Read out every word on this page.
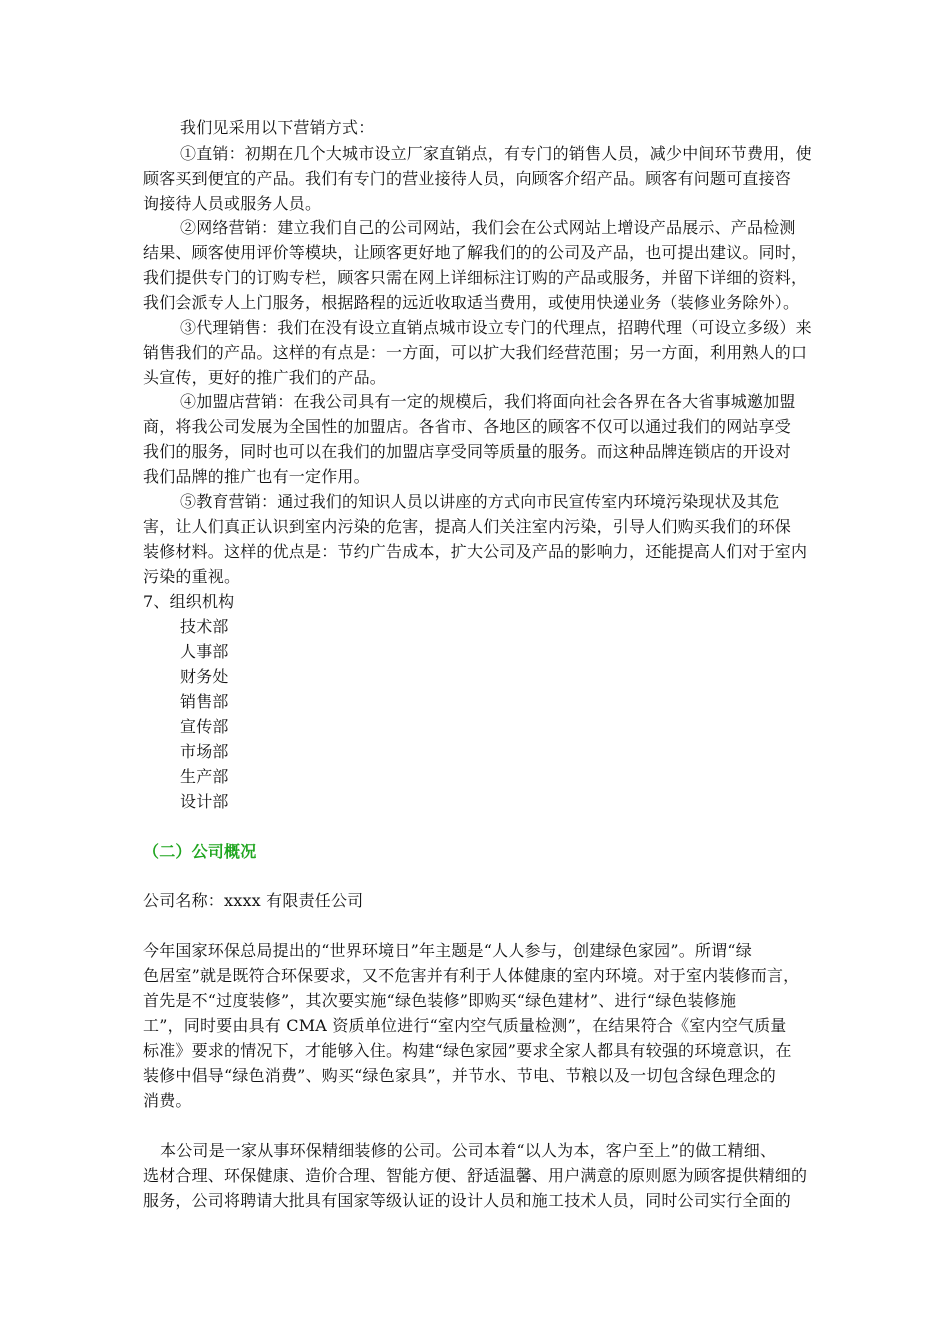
我们见采用以下营销方式：
①直销：初期在几个大城市设立厂家直销点，有专门的销售人员，减少中间环节费用，使
顾客买到便宜的产品。我们有专门的营业接待人员，向顾客介绍产品。顾客有问题可直接咨
询接待人员或服务人员。
②网络营销：建立我们自己的公司网站，我们会在公式网站上增设产品展示、产品检测
结果、顾客使用评价等模块，让顾客更好地了解我们的的公司及产品，也可提出建议。同时，
我们提供专门的订购专栏，顾客只需在网上详细标注订购的产品或服务，并留下详细的资料，
我们会派专人上门服务，根据路程的远近收取适当费用，或使用快递业务（装修业务除外）。
③代理销售：我们在没有设立直销点城市设立专门的代理点，招聘代理（可设立多级）来
销售我们的产品。这样的有点是：一方面，可以扩大我们经营范围；另一方面，利用熟人的口
头宣传，更好的推广我们的产品。
④加盟店营销：在我公司具有一定的规模后，我们将面向社会各界在各大省事城邀加盟
商，将我公司发展为全国性的加盟店。各省市、各地区的顾客不仅可以通过我们的网站享受
我们的服务，同时也可以在我们的加盟店享受同等质量的服务。而这种品牌连锁店的开设对
我们品牌的推广也有一定作用。
⑤教育营销：通过我们的知识人员以讲座的方式向市民宣传室内环境污染现状及其危
害，让人们真正认识到室内污染的危害，提高人们关注室内污染，引导人们购买我们的环保
装修材料。这样的优点是：节约广告成本，扩大公司及产品的影响力，还能提高人们对于室内
污染的重视。
7、组织机构
技术部
人事部
财务处
销售部
宣传部
市场部
生产部
设计部
（二）公司概况
公司名称：xxxx 有限责任公司
今年国家环保总局提出的“世界环境日”年主题是“人人参与，创建绿色家园”。所谓“绿
色居室”就是既符合环保要求，又不危害并有利于人体健康的室内环境。对于室内装修而言，
首先是不“过度装修”，其次要实施“绿色装修”即购买“绿色建材”、进行“绿色装修施
工”，同时要由具有 CMA 资质单位进行“室内空气质量检测”，在结果符合《室内空气质量
标准》要求的情况下，才能够入住。构建“绿色家园”要求全家人都具有较强的环境意识，在
装修中倡导“绿色消费”、购买“绿色家具”，并节水、节电、节粮以及一切包含绿色理念的
消费。
本公司是一家从事环保精细装修的公司。公司本着“以人为本，客户至上”的做工精细、
选材合理、环保健康、造价合理、智能方便、舒适温馨、用户满意的原则愿为顾客提供精细的
服务，公司将聘请大批具有国家等级认证的设计人员和施工技术人员，同时公司实行全面的
